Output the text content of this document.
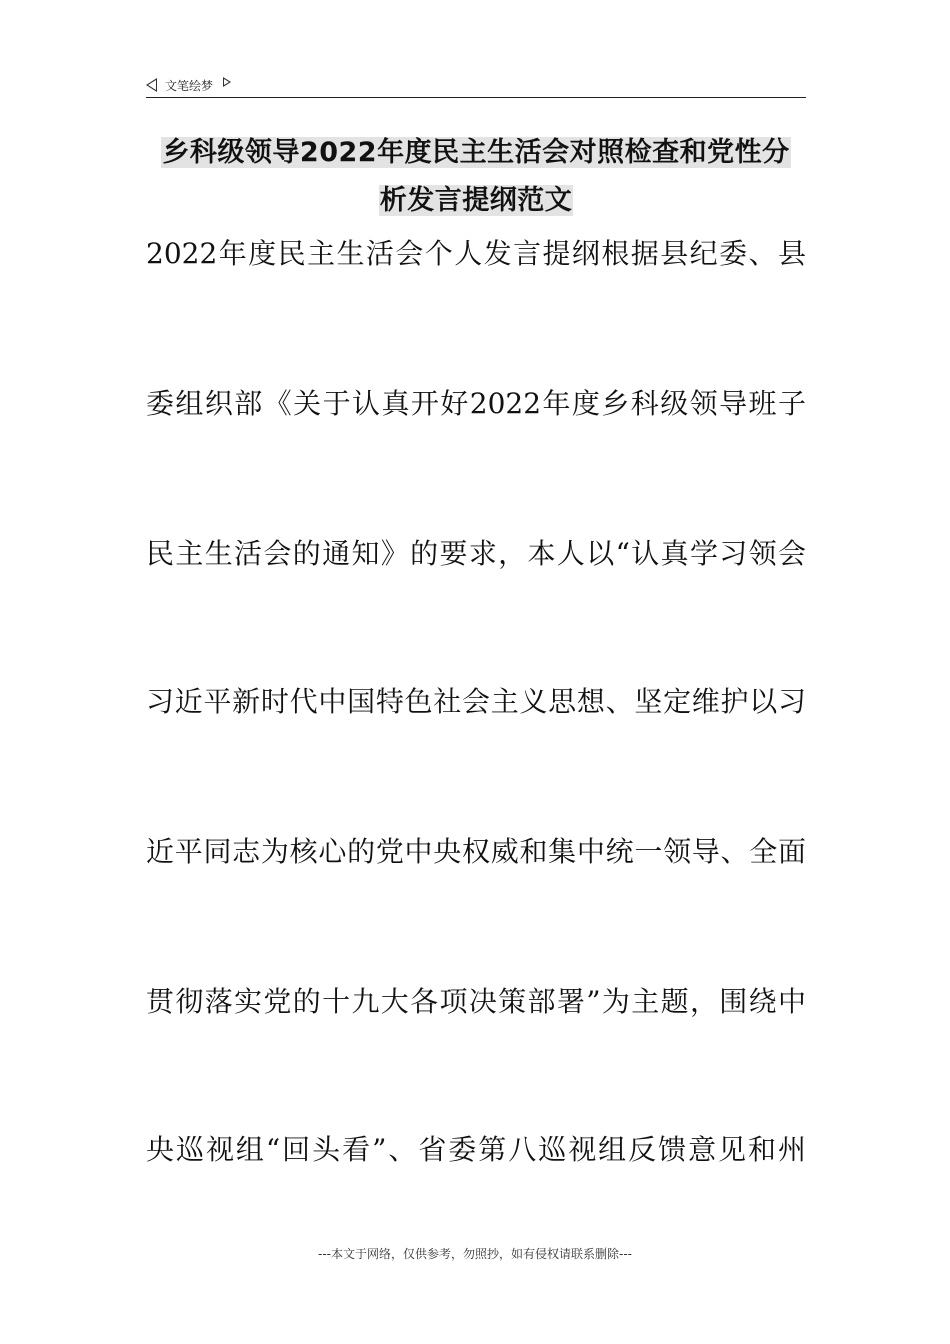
文笔绘梦
乡科级领导2022年度民主生活会对照检查和党性分
析发言提纲范文
2022年度民主生活会个人发言提纲根据县纪委、县
委组织部《关于认真开好2022年度乡科级领导班子
民主生活会的通知》的要求，本人以“认真学习领会
习近平新时代中国特色社会主义思想、坚定维护以习
近平同志为核心的党中央权威和集中统一领导、全面
贯彻落实党的十九大各项决策部署”为主题，围绕中
央巡视组“回头看”、省委第八巡视组反馈意见和州
---本文于网络，仅供参考，勿照抄，如有侵权请联系删除---
